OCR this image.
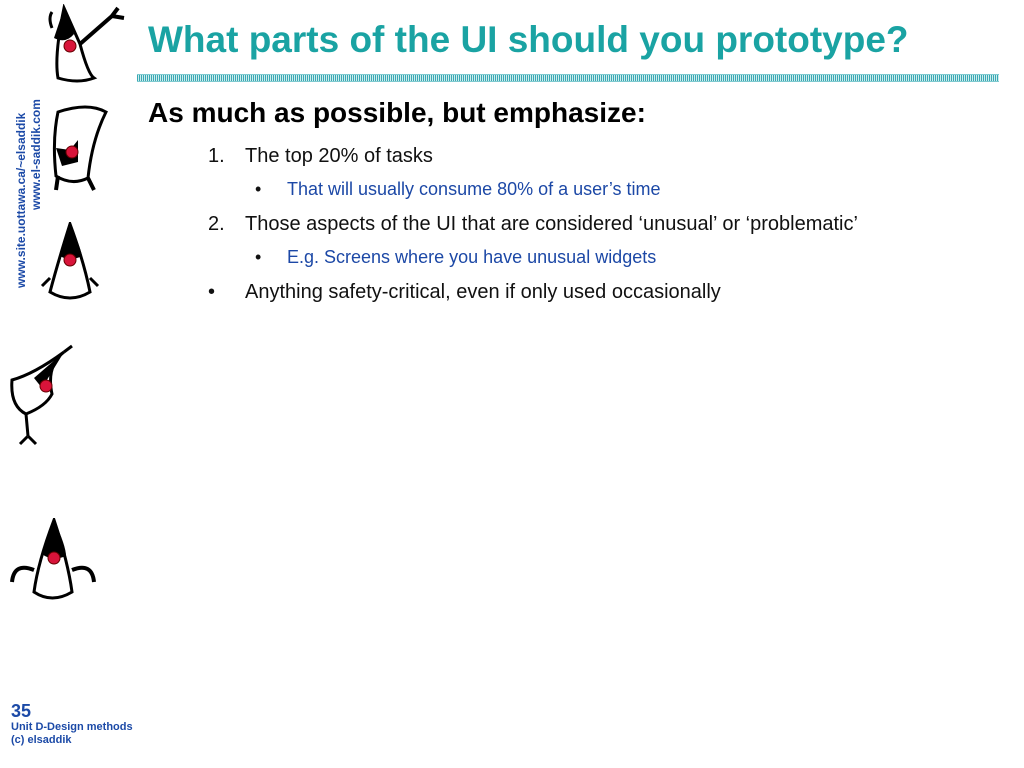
What parts of the UI should you prototype?
www.site.uottawa.ca/~elsaddik www.el-saddik.com	As much as possible, but emphasize:
1. The top 20% of tasks
• That will usually consume 80% of a user’s time
2. Those aspects of the UI that are considered ‘unusual’ or ‘problematic’
• E.g. Screens where you have unusual widgets
• Anything safety-critical, even if only used occasionally
35
Unit D-Design methods
(c) elsaddik
